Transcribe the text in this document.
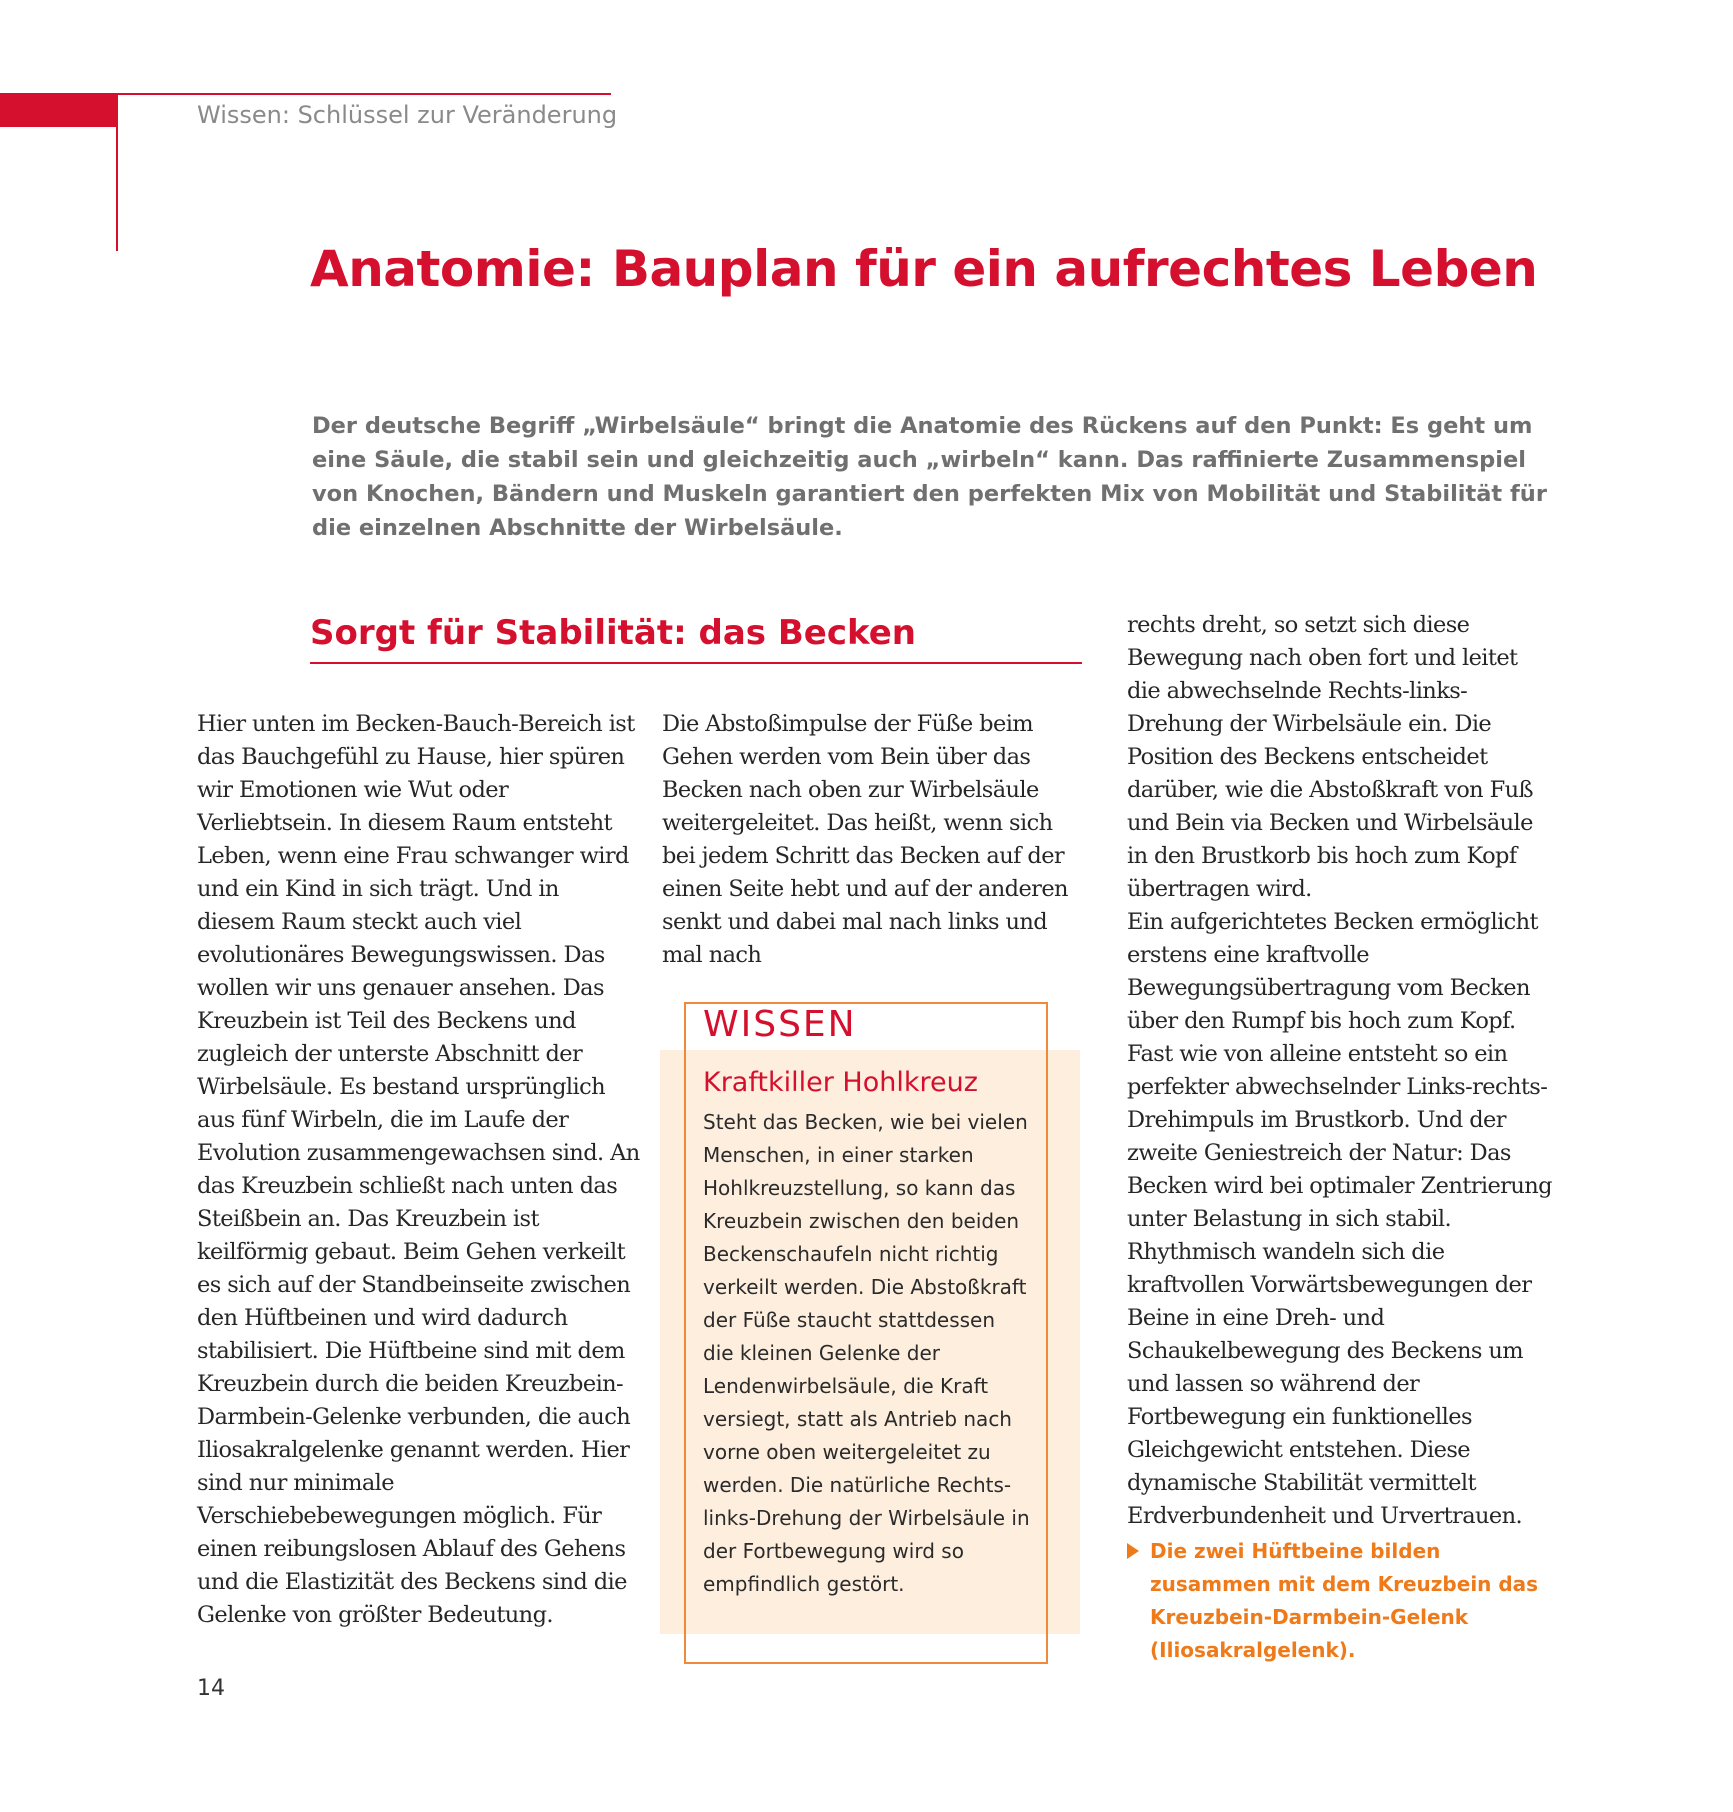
Wissen: Schlüssel zur Veränderung
Anatomie: Bauplan für ein aufrechtes Leben

Der deutsche Begriff „Wirbelsäule“ bringt die Anatomie des Rückens auf den Punkt: Es geht um eine Säule, die stabil sein und gleichzeitig auch „wirbeln“ kann. Das raffinierte Zusammenspiel von Knochen, Bändern und Muskeln garantiert den perfekten Mix von Mobilität und Stabilität für die einzelnen Abschnitte der Wirbelsäule.

Sorgt für Stabilität: das Becken

Hier unten im Becken-Bauch-Bereich ist das Bauchgefühl zu Hause, hier spüren wir Emotionen wie Wut oder Verliebtsein. In diesem Raum entsteht Leben, wenn eine Frau schwanger wird und ein Kind in sich trägt. Und in diesem Raum steckt auch viel evolutionäres Bewegungswissen. Das wollen wir uns genauer ansehen. Das Kreuzbein ist Teil des Beckens und zugleich der unterste Abschnitt der Wirbelsäule. Es bestand ursprünglich aus fünf Wirbeln, die im Laufe der Evolution zusammengewachsen sind. An das Kreuzbein schließt nach unten das Steißbein an. Das Kreuzbein ist keilförmig gebaut. Beim Gehen verkeilt es sich auf der Standbeinseite zwischen den Hüftbeinen und wird dadurch stabilisiert. Die Hüftbeine sind mit dem Kreuzbein durch die beiden Kreuzbein-Darmbein-Gelenke verbunden, die auch Iliosakralgelenke genannt werden. Hier sind nur minimale Verschiebebewegungen möglich. Für einen reibungslosen Ablauf des Gehens und die Elastizität des Beckens sind die Gelenke von größter Bedeutung.

Die Abstoßimpulse der Füße beim Gehen werden vom Bein über das Becken nach oben zur Wirbelsäule weitergeleitet. Das heißt, wenn sich bei jedem Schritt das Becken auf der einen Seite hebt und auf der anderen senkt und dabei mal nach links und mal nach

rechts dreht, so setzt sich diese Bewegung nach oben fort und leitet die abwechselnde Rechts-links-Drehung der Wirbelsäule ein. Die Position des Beckens entscheidet darüber, wie die Abstoßkraft von Fuß und Bein via Becken und Wirbelsäule in den Brustkorb bis hoch zum Kopf übertragen wird.

Ein aufgerichtetes Becken ermöglicht erstens eine kraftvolle Bewegungsübertragung vom Becken über den Rumpf bis hoch zum Kopf. Fast wie von alleine entsteht so ein perfekter abwechselnder Links-rechts-Drehimpuls im Brustkorb. Und der zweite Geniestreich der Natur: Das Becken wird bei optimaler Zentrierung unter Belastung in sich stabil. Rhythmisch wandeln sich die kraftvollen Vorwärtsbewegungen der Beine in eine Dreh- und Schaukelbewegung des Beckens um und lassen so während der Fortbewegung ein funktionelles Gleichgewicht entstehen. Diese dynamische Stabilität vermittelt Erdverbundenheit und Urvertrauen.

WISSEN
Kraftkiller Hohlkreuz

Steht das Becken, wie bei vielen Menschen, in einer starken Hohlkreuzstellung, so kann das Kreuzbein zwischen den beiden Beckenschaufeln nicht richtig verkeilt werden. Die Abstoßkraft der Füße staucht stattdessen die kleinen Gelenke der Lendenwirbelsäule, die Kraft versiegt, statt als Antrieb nach vorne oben weitergeleitet zu werden. Die natürliche Rechts-links-Drehung der Wirbelsäule in der Fortbewegung wird so empfindlich gestört.

Die zwei Hüftbeine bilden zusammen mit dem Kreuzbein das Kreuzbein-Darmbein-Gelenk (Iliosakralgelenk).

14
